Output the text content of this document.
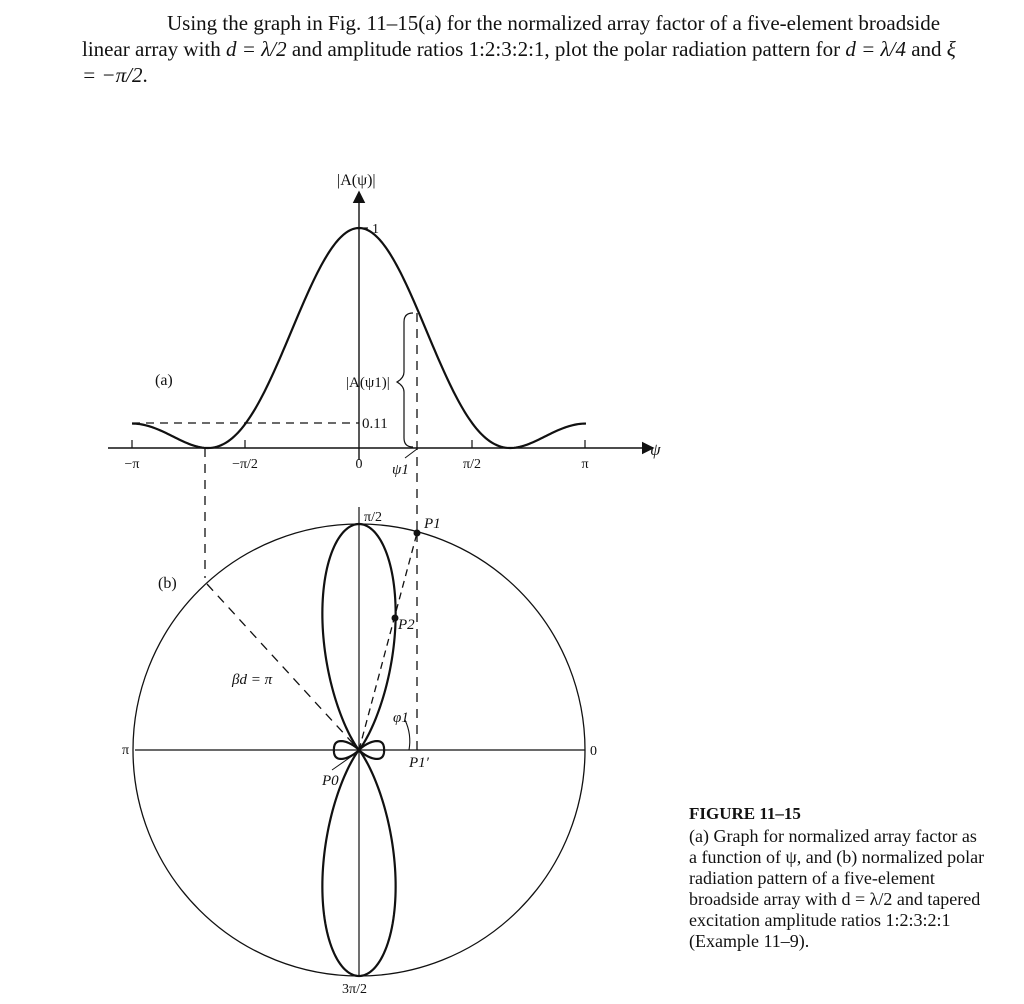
Using the graph in Fig. 11–15(a) for the normalized array factor of a five-element broadside linear array with d = λ/2 and amplitude ratios 1:2:3:2:1, plot the polar radiation pattern for d = λ/4 and ξ = −π/2.

(a)
|A(ψ)|
ψ
−π	−π/2	0	π/2	π
1
0.11
|A(ψ1)|
ψ1
(b)
π/2
π	0
3π/2
βd = π
φ1
P1
P2
P1′
P0
FIGURE 11–15
(a) Graph for normalized array factor as a function of ψ, and (b) normalized polar radiation pattern of a five-element broadside array with d = λ/2 and tapered excitation amplitude ratios 1:2:3:2:1 (Example 11–9).
